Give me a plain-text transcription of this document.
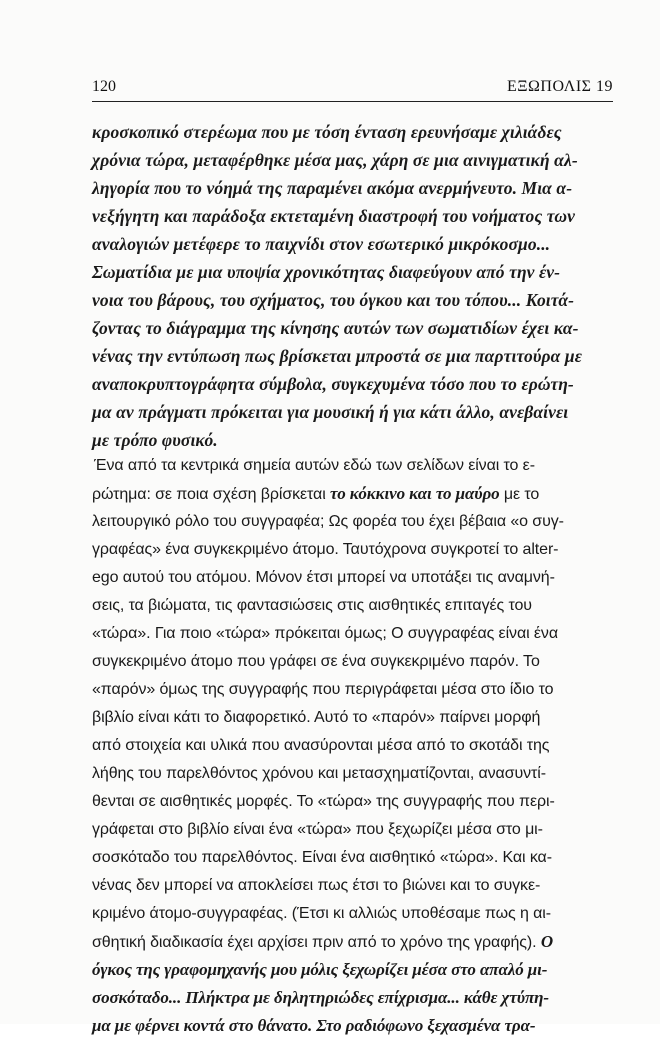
120	ΕΞΩΠΟΛΙΣ 19
κροσκοπικό στερέωμα που με τόση ένταση ερευνήσαμε χιλιάδες
χρόνια τώρα, μεταφέρθηκε μέσα μας, χάρη σε μια αινιγματική αλ-
ληγορία που το νόημά της παραμένει ακόμα ανερμήνευτο. Μια α-
νεξήγητη και παράδοξα εκτεταμένη διαστροφή του νοήματος των
αναλογιών μετέφερε το παιχνίδι στον εσωτερικό μικρόκοσμο...
Σωματίδια με μια υποψία χρονικότητας διαφεύγουν από την έν-
νοια του βάρους, του σχήματος, του όγκου και του τόπου... Κοιτά-
ζοντας το διάγραμμα της κίνησης αυτών των σωματιδίων έχει κα-
νένας την εντύπωση πως βρίσκεται μπροστά σε μια παρτιτούρα με
αναποκρυπτογράφητα σύμβολα, συγκεχυμένα τόσο που το ερώτη-
μα αν πράγματι πρόκειται για μουσική ή για κάτι άλλο, ανεβαίνει
με τρόπο φυσικό.
Ένα από τα κεντρικά σημεία αυτών εδώ των σελίδων είναι το ε-
ρώτημα: σε ποια σχέση βρίσκεται το κόκκινο και το μαύρο με το
λειτουργικό ρόλο του συγγραφέα; Ως φορέα του έχει βέβαια «ο συγ-
γραφέας» ένα συγκεκριμένο άτομο. Ταυτόχρονα συγκροτεί το alter-
ego αυτού του ατόμου. Μόνον έτσι μπορεί να υποτάξει τις αναμνή-
σεις, τα βιώματα, τις φαντασιώσεις στις αισθητικές επιταγές του
«τώρα». Για ποιο «τώρα» πρόκειται όμως; Ο συγγραφέας είναι ένα
συγκεκριμένο άτομο που γράφει σε ένα συγκεκριμένο παρόν. Το
«παρόν» όμως της συγγραφής που περιγράφεται μέσα στο ίδιο το
βιβλίο είναι κάτι το διαφορετικό. Αυτό το «παρόν» παίρνει μορφή
από στοιχεία και υλικά που ανασύρονται μέσα από το σκοτάδι της
λήθης του παρελθόντος χρόνου και μετασχηματίζονται, ανασυντί-
θενται σε αισθητικές μορφές. Το «τώρα» της συγγραφής που περι-
γράφεται στο βιβλίο είναι ένα «τώρα» που ξεχωρίζει μέσα στο μι-
σοσκόταδο του παρελθόντος. Είναι ένα αισθητικό «τώρα». Και κα-
νένας δεν μπορεί να αποκλείσει πως έτσι το βιώνει και το συγκε-
κριμένο άτομο-συγγραφέας. (Έτσι κι αλλιώς υποθέσαμε πως η αι-
σθητική διαδικασία έχει αρχίσει πριν από το χρόνο της γραφής). Ο
όγκος της γραφομηχανής μου μόλις ξεχωρίζει μέσα στο απαλό μι-
σοσκόταδο... Πλήκτρα με δηλητηριώδες επίχρισμα... κάθε χτύπη-
μα με φέρνει κοντά στο θάνατο. Στο ραδιόφωνο ξεχασμένα τρα-
